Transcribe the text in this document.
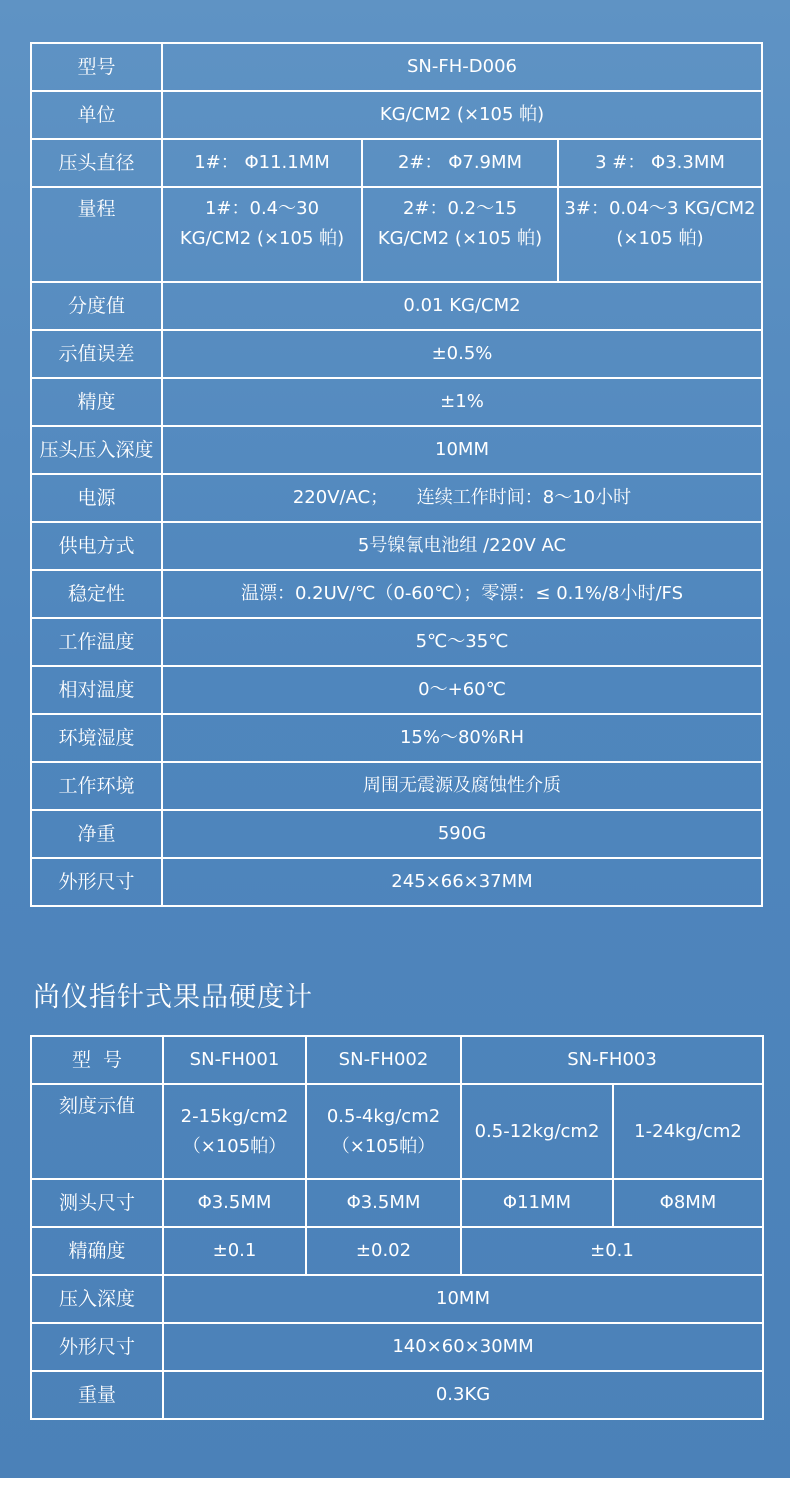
型号	SN-FH-D006		
单位	KG/CM2 (×105 帕)		
压头直径	1#： Φ11.1MM	2#： Φ7.9MM	3 #： Φ3.3MM
量程	1#：0.4～30 KG/CM2 (×105 帕)	2#：0.2～15 KG/CM2 (×105 帕)	3#：0.04～3 KG/CM2 (×105 帕)
分度值	0.01 KG/CM2		
示值误差	±0.5%		
精度	±1%		
压头压入深度	10MM		
电源	220V/AC；     连续工作时间：8～10小时		
供电方式	5号镍氰电池组 /220V AC		
稳定性	温漂：0.2UV/℃（0-60℃）；零漂：≤ 0.1%/8小时/FS		
工作温度	5℃～35℃		
相对温度	0～+60℃		
环境湿度	15%～80%RH		
工作环境	周围无震源及腐蚀性介质		
净重	590G		
外形尺寸	245×66×37MM		
尚仪指针式果品硬度计
型  号	SN-FH001	SN-FH002	SN-FH003	
刻度示值	2-15kg/cm2（×105帕）	0.5-4kg/cm2（×105帕）	0.5-12kg/cm2	1-24kg/cm2
测头尺寸	Φ3.5MM	Φ3.5MM	Φ11MM	Φ8MM
精确度	±0.1	±0.02	±0.1	
压入深度	10MM			
外形尺寸	140×60×30MM			
重量	0.3KG			
